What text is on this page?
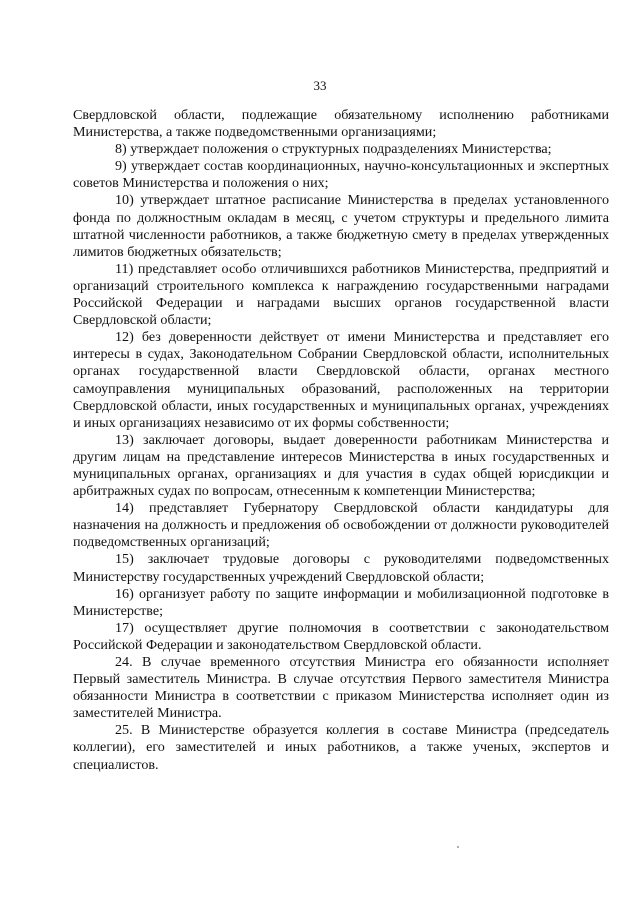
33

Свердловской области, подлежащие обязательному исполнению работниками Министерства, а также подведомственными организациями;

8) утверждает положения о структурных подразделениях Министерства;

9) утверждает состав координационных, научно-консультационных и экспертных советов Министерства и положения о них;

10) утверждает штатное расписание Министерства в пределах установленного фонда по должностным окладам в месяц, с учетом структуры и предельного лимита штатной численности работников, а также бюджетную смету в пределах утвержденных лимитов бюджетных обязательств;

11) представляет особо отличившихся работников Министерства, предприятий и организаций строительного комплекса к награждению государственными наградами Российской Федерации и наградами высших органов государственной власти Свердловской области;

12) без доверенности действует от имени Министерства и представляет его интересы в судах, Законодательном Собрании Свердловской области, исполнительных органах государственной власти Свердловской области, органах местного самоуправления муниципальных образований, расположенных на территории Свердловской области, иных государственных и муниципальных органах, учреждениях и иных организациях независимо от их формы собственности;

13) заключает договоры, выдает доверенности работникам Министерства и другим лицам на представление интересов Министерства в иных государственных и муниципальных органах, организациях и для участия в судах общей юрисдикции и арбитражных судах по вопросам, отнесенным к компетенции Министерства;

14) представляет Губернатору Свердловской области кандидатуры для назначения на должность и предложения об освобождении от должности руководителей подведомственных организаций;

15) заключает трудовые договоры с руководителями подведомственных Министерству государственных учреждений Свердловской области;

16) организует работу по защите информации и мобилизационной подготовке в Министерстве;

17) осуществляет другие полномочия в соответствии с законодательством Российской Федерации и законодательством Свердловской области.

24. В случае временного отсутствия Министра его обязанности исполняет Первый заместитель Министра. В случае отсутствия Первого заместителя Министра обязанности Министра в соответствии с приказом Министерства исполняет один из заместителей Министра.

25. В Министерстве образуется коллегия в составе Министра (председатель коллегии), его заместителей и иных работников, а также ученых, экспертов и специалистов.
